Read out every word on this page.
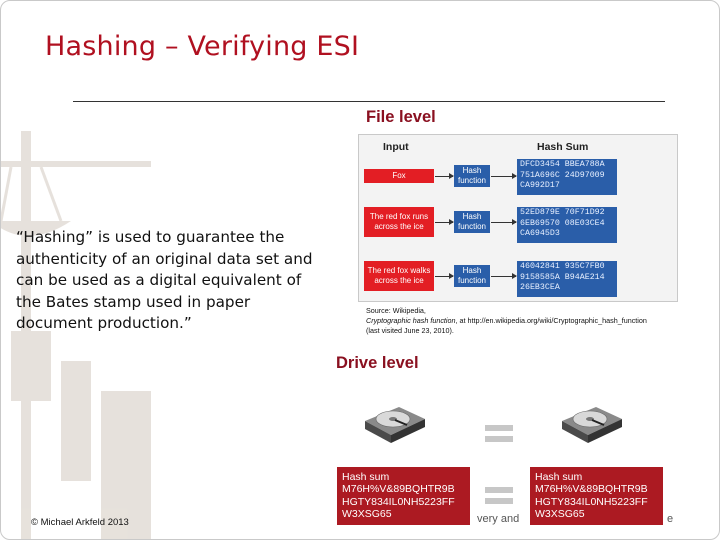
Hashing – Verifying ESI
“Hashing” is used to guarantee the authenticity of an original data set and can be used as a digital equivalent of the Bates stamp used in paper document production.”
© Michael Arkfeld 2013
File level
Input	Hash Sum
Fox
Hash function
DFCD3454 BBEA788A 751A696C 24D97009 CA992D17
The red fox runs across the ice
Hash function
52ED879E 70F71D92 6EB69570 08E03CE4 CA6945D3
The red fox walks across the ice
Hash function
46042841 935C7FB0 9158585A B94AE214 26EB3CEA
Source: Wikipedia,
Cryptographic hash function, at http://en.wikipedia.org/wiki/Cryptographic_hash_function
(last visited June 23, 2010).
Drive level
very and	e
Hash sum
M76H%V&89BQHTR9B
HGTY834IL0NH5223FF
W3XSG65
Hash sum
M76H%V&89BQHTR9B
HGTY834IL0NH5223FF
W3XSG65
